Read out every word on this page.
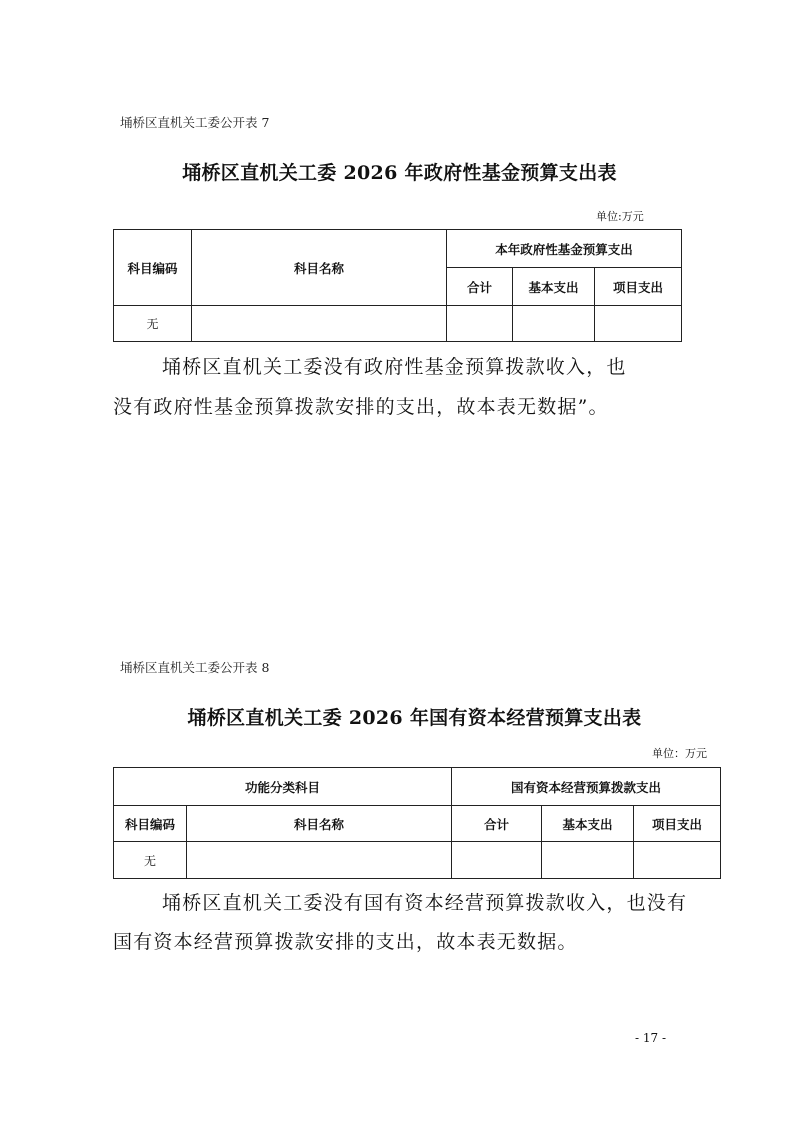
埇桥区直机关工委公开表 7
埇桥区直机关工委 2026 年政府性基金预算支出表
单位:万元
科目编码	科目名称	本年政府性基金预算支出		
		合计	基本支出	项目支出
无				
埇桥区直机关工委没有政府性基金预算拨款收入，也
没有政府性基金预算拨款安排的支出，故本表无数据”。
埇桥区直机关工委公开表 8
埇桥区直机关工委 2026 年国有资本经营预算支出表
单位：万元
功能分类科目		国有资本经营预算拨款支出		
科目编码	科目名称	合计	基本支出	项目支出
无				
埇桥区直机关工委没有国有资本经营预算拨款收入，也没有
国有资本经营预算拨款安排的支出，故本表无数据。
- 17 -
